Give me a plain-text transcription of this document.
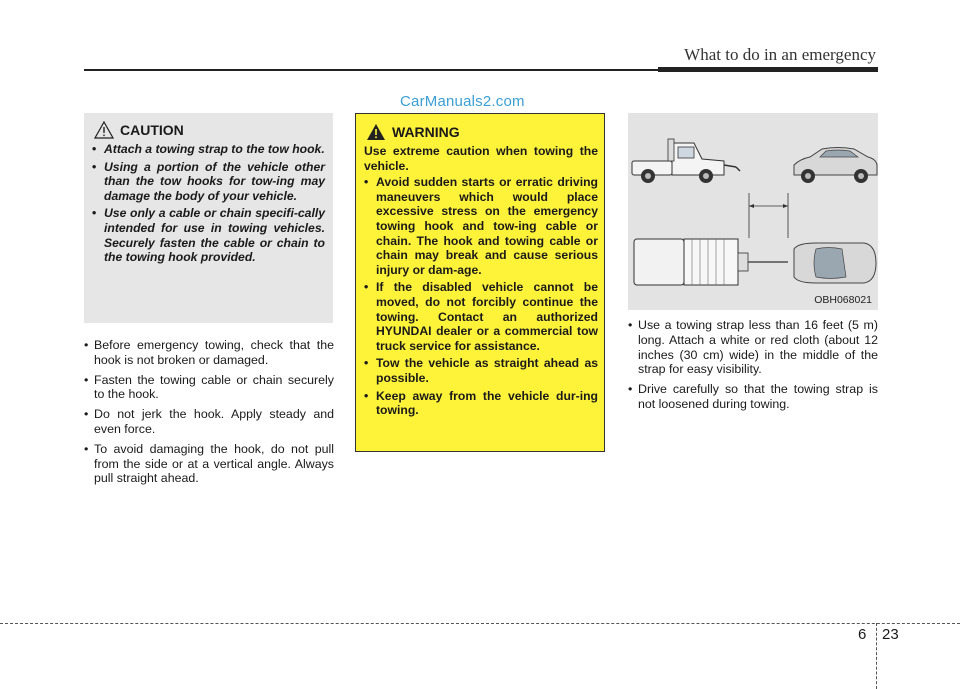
What to do in an emergency
CarManuals2.com
CAUTION
• Attach a towing strap to the tow hook.
• Using a portion of the vehicle other than the tow hooks for tow-ing may damage the body of your vehicle.
• Use only a cable or chain specifi-cally intended for use in towing vehicles. Securely fasten the cable or chain to the towing hook provided.
• Before emergency towing, check that the hook is not broken or damaged.
• Fasten the towing cable or chain securely to the hook.
• Do not jerk the hook. Apply steady and even force.
• To avoid damaging the hook, do not pull from the side or at a vertical angle. Always pull straight ahead.
WARNING

Use extreme caution when towing the vehicle.

• Avoid sudden starts or erratic driving maneuvers which would place excessive stress on the emergency towing hook and tow-ing cable or chain. The hook and towing cable or chain may break and cause serious injury or dam-age.
• If the disabled vehicle cannot be moved, do not forcibly continue the towing. Contact an authorized HYUNDAI dealer or a commercial tow truck service for assistance.
• Tow the vehicle as straight ahead as possible.
• Keep away from the vehicle dur-ing towing.
OBH068021
• Use a towing strap less than 16 feet (5 m) long. Attach a white or red cloth (about 12 inches (30 cm) wide) in the middle of the strap for easy visibility.
• Drive carefully so that the towing strap is not loosened during towing.
6 23
